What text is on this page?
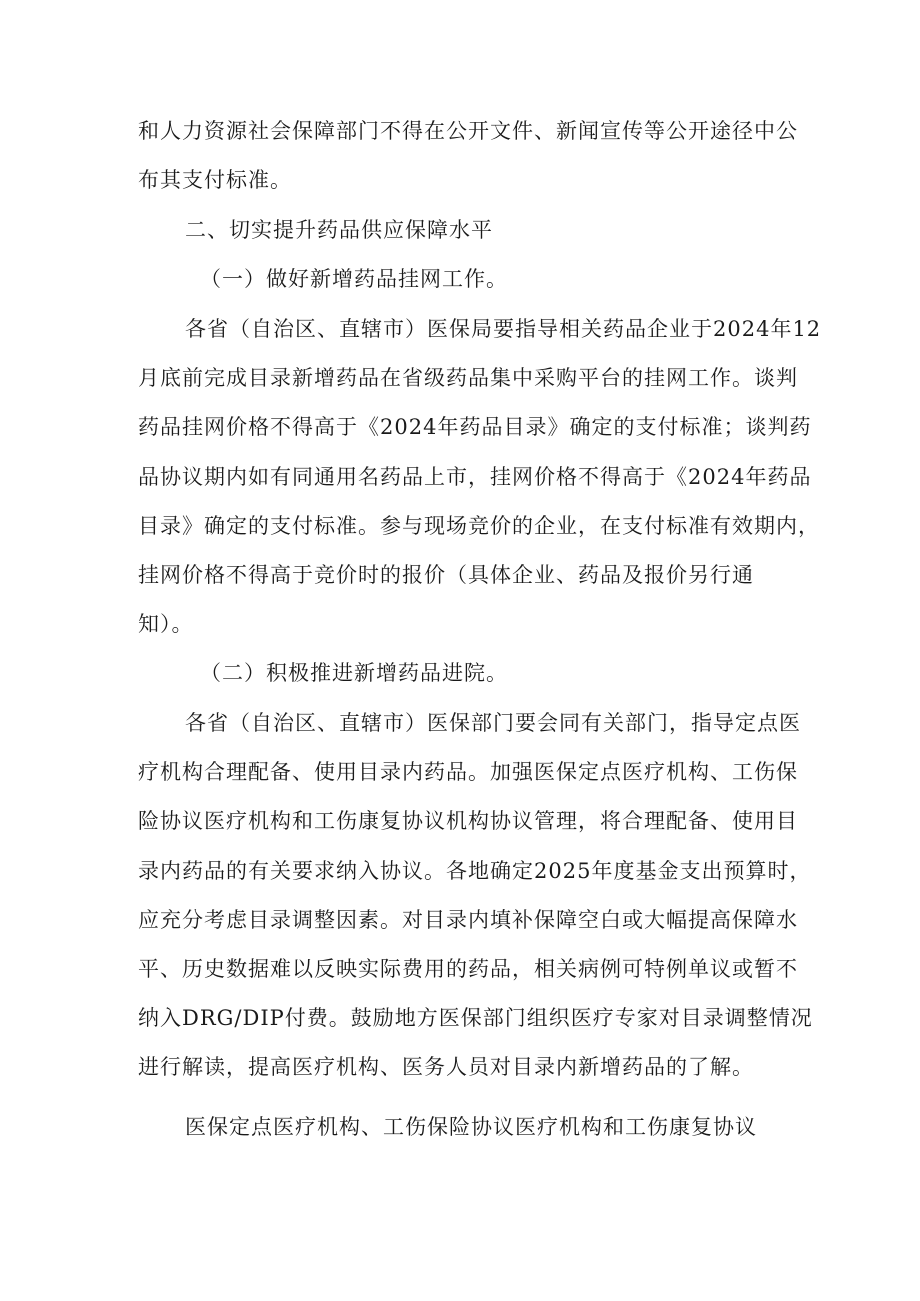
和人力资源社会保障部门不得在公开文件、新闻宣传等公开途径中公
布其支付标准。
二、切实提升药品供应保障水平
（一）做好新增药品挂网工作。
各省（自治区、直辖市）医保局要指导相关药品企业于2024年12
月底前完成目录新增药品在省级药品集中采购平台的挂网工作。谈判
药品挂网价格不得高于《2024年药品目录》确定的支付标准；谈判药
品协议期内如有同通用名药品上市，挂网价格不得高于《2024年药品
目录》确定的支付标准。参与现场竞价的企业，在支付标准有效期内，
挂网价格不得高于竞价时的报价（具体企业、药品及报价另行通
知）。
（二）积极推进新增药品进院。
各省（自治区、直辖市）医保部门要会同有关部门，指导定点医
疗机构合理配备、使用目录内药品。加强医保定点医疗机构、工伤保
险协议医疗机构和工伤康复协议机构协议管理，将合理配备、使用目
录内药品的有关要求纳入协议。各地确定2025年度基金支出预算时，
应充分考虑目录调整因素。对目录内填补保障空白或大幅提高保障水
平、历史数据难以反映实际费用的药品，相关病例可特例单议或暂不
纳入DRG/DIP付费。鼓励地方医保部门组织医疗专家对目录调整情况
进行解读，提高医疗机构、医务人员对目录内新增药品的了解。
医保定点医疗机构、工伤保险协议医疗机构和工伤康复协议
